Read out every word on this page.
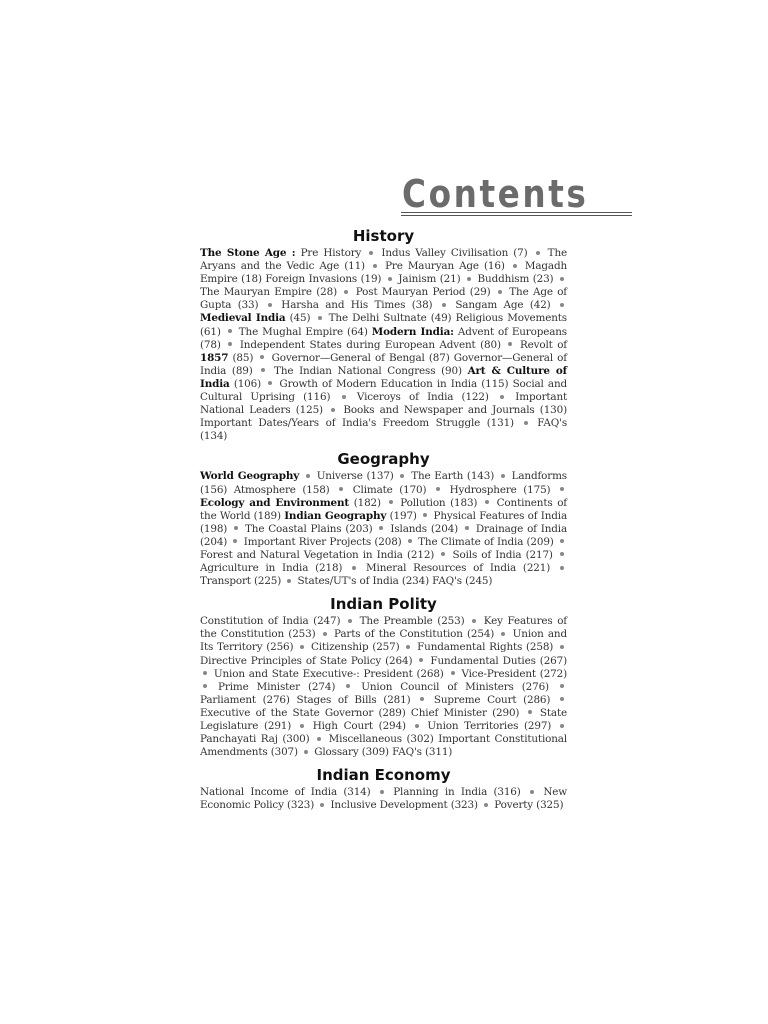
Contents
History
The Stone Age : Pre History  Indus Valley Civilisation (7)  The Aryans and the Vedic Age (11)  Pre Mauryan Age (16)  Magadh Empire (18) Foreign Invasions (19)  Jainism (21)  Buddhism (23)  The Mauryan Empire (28)  Post Mauryan Period (29)  The Age of Gupta (33)  Harsha and His Times (38)  Sangam Age (42)  Medieval India (45)  The Delhi Sultnate (49) Religious Movements (61)  The Mughal Empire (64) Modern India: Advent of Europeans (78)  Independent States during European Advent (80)  Revolt of 1857 (85)  Governor—General of Bengal (87) Governor—General of India (89)  The Indian National Congress (90) Art & Culture of India (106)  Growth of Modern Education in India (115) Social and Cultural Uprising (116)  Viceroys of India (122)  Important National Leaders (125)  Books and Newspaper and Journals (130) Important Dates/Years of India's Freedom Struggle (131)  FAQ's (134)
Geography
World Geography  Universe (137)  The Earth (143)  Landforms (156) Atmosphere (158)  Climate (170)  Hydrosphere (175)  Ecology and Environment (182)  Pollution (183)  Continents of the World (189) Indian Geography (197)  Physical Features of India (198)  The Coastal Plains (203)  Islands (204)  Drainage of India (204)  Important River Projects (208)  The Climate of India (209)  Forest and Natural Vegetation in India (212)  Soils of India (217)  Agriculture in India (218)  Mineral Resources of India (221)  Transport (225)  States/UT's of India (234) FAQ's (245)
Indian Polity
Constitution of India (247)  The Preamble (253)  Key Features of the Constitution (253)  Parts of the Constitution (254)  Union and Its Territory (256)  Citizenship (257)  Fundamental Rights (258)  Directive Principles of State Policy (264)  Fundamental Duties (267)  Union and State Executive-: President (268)  Vice-President (272)  Prime Minister (274)  Union Council of Ministers (276)  Parliament (276) Stages of Bills (281)  Supreme Court (286)  Executive of the State Governor (289) Chief Minister (290)  State Legislature (291)  High Court (294)  Union Territories (297)  Panchayati Raj (300)  Miscellaneous (302) Important Constitutional Amendments (307)  Glossary (309) FAQ's (311)
Indian Economy
National Income of India (314)  Planning in India (316)  New Economic Policy (323)  Inclusive Development (323)  Poverty (325)
